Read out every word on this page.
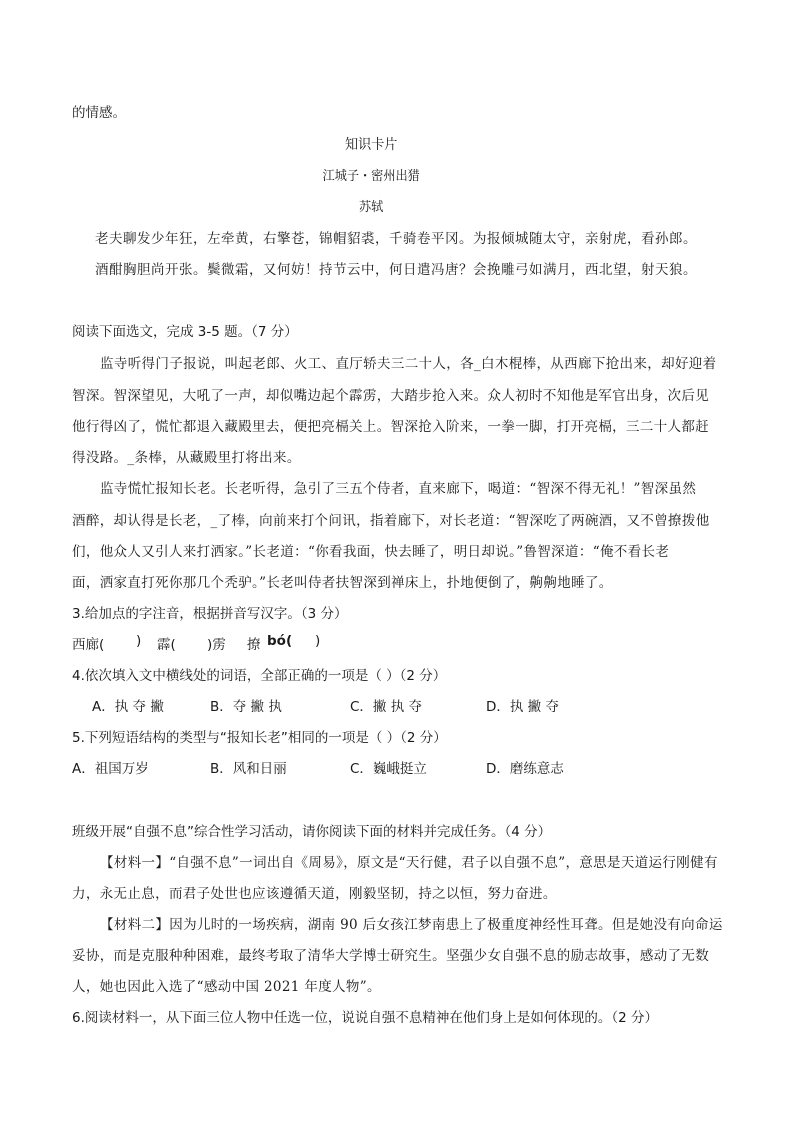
的情感。
知识卡片
江城子・密州出猎
苏轼
老夫聊发少年狂，左牵黄，右擎苍，锦帽貂裘，千骑卷平冈。为报倾城随太守，亲射虎，看孙郎。
酒酣胸胆尚开张。鬓微霜，又何妨！持节云中，何日遣冯唐？会挽雕弓如满月，西北望，射天狼。
阅读下面选文，完成 3-5 题。（7 分）
监寺听得门子报说，叫起老郎、火工、直厅轿夫三二十人，各_白木棍棒，从西廊下抢出来，却好迎着
智深。智深望见，大吼了一声，却似嘴边起个霹雳，大踏步抢入来。众人初时不知他是军官出身，次后见
他行得凶了，慌忙都退入藏殿里去，便把亮槅关上。智深抢入阶来，一拳一脚，打开亮槅，三二十人都赶
得没路。_条棒，从藏殿里打将出来。
监寺慌忙报知长老。长老听得，急引了三五个侍者，直来廊下，喝道：“智深不得无礼！”智深虽然
酒醉，却认得是长老，_了棒，向前来打个问讯，指着廊下，对长老道：“智深吃了两碗酒，又不曾撩拨他
们，他众人又引人来打洒家。”长老道：“你看我面，快去睡了，明日却说。”鲁智深道：“俺不看长老
面，洒家直打死你那几个秃驴。”长老叫侍者扶智深到禅床上，扑地便倒了，齁齁地睡了。
3.给加点的字注音，根据拼音写汉字。（3 分）
西廊( ) 霹( )雳 撩 bó( )
4.依次填入文中横线处的词语，全部正确的一项是（ ）（2 分）
A．执 夺 撇	B．夺 撇 执	C．撇 执 夺	D．执 撇 夺
5.下列短语结构的类型与“报知长老”相同的一项是（ ）（2 分）
A．祖国万岁	B．风和日丽	C．巍峨挺立	D．磨练意志
班级开展“自强不息”综合性学习活动，请你阅读下面的材料并完成任务。（4 分）
【材料一】“自强不息”一词出自《周易》，原文是“天行健，君子以自强不息”，意思是天道运行刚健有
力，永无止息，而君子处世也应该遵循天道，刚毅坚韧，持之以恒，努力奋进。
【材料二】因为儿时的一场疾病，湖南 90 后女孩江梦南患上了极重度神经性耳聋。但是她没有向命运
妥协，而是克服种种困难，最终考取了清华大学博士研究生。坚强少女自强不息的励志故事，感动了无数
人，她也因此入选了“感动中国 2021 年度人物”。
6.阅读材料一，从下面三位人物中任选一位，说说自强不息精神在他们身上是如何体现的。（2 分）
